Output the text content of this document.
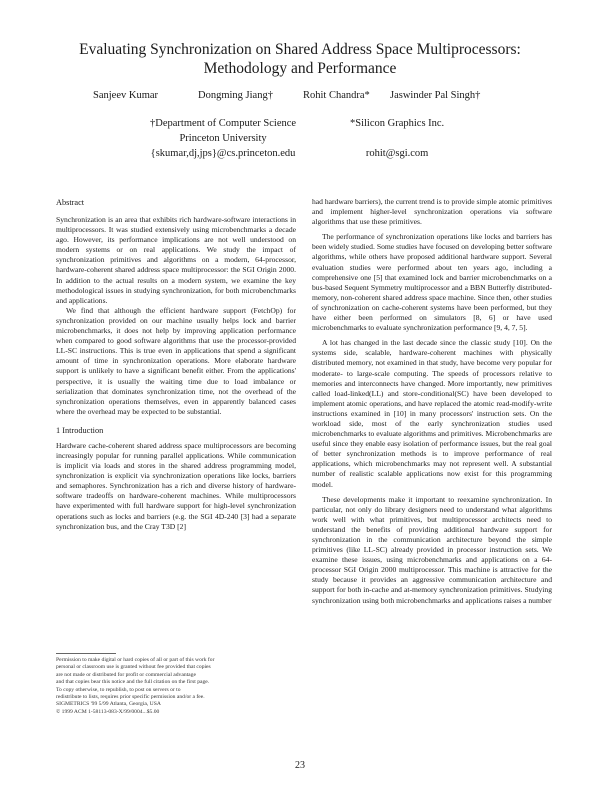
Evaluating Synchronization on Shared Address Space Multiprocessors:
Methodology and Performance
Sanjeev Kumar	Dongming Jiang†	Rohit Chandra* Jaswinder Pal Singh†
†Department of Computer Science
Princeton University
{skumar,dj,jps}@cs.princeton.edu
*Silicon Graphics Inc.
rohit@sgi.com
Abstract

Synchronization is an area that exhibits rich hardware-software interactions in multiprocessors. It was studied extensively using microbenchmarks a decade ago. However, its performance implications are not well understood on modern systems or on real applications. We study the impact of synchronization primitives and algorithms on a modern, 64-processor, hardware-coherent shared address space multiprocessor: the SGI Origin 2000. In addition to the actual results on a modern system, we examine the key methodological issues in studying synchronization, for both microbenchmarks and applications.

We find that although the efficient hardware support (FetchOp) for synchronization provided on our machine usually helps lock and barrier microbenchmarks, it does not help by improving application performance when compared to good software algorithms that use the processor-provided LL-SC instructions. This is true even in applications that spend a significant amount of time in synchronization operations. More elaborate hardware support is unlikely to have a significant benefit either. From the applications' perspective, it is usually the waiting time due to load imbalance or serialization that dominates synchronization time, not the overhead of the synchronization operations themselves, even in apparently balanced cases where the overhead may be expected to be substantial.

1 Introduction

Hardware cache-coherent shared address space multiprocessors are becoming increasingly popular for running parallel applications. While communication is implicit via loads and stores in the shared address programming model, synchronization is explicit via synchronization operations like locks, barriers and semaphores. Synchronization has a rich and diverse history of hardware-software tradeoffs on hardware-coherent machines. While multiprocessors have experimented with full hardware support for high-level synchronization operations such as locks and barriers (e.g. the SGI 4D-240 [3] had a separate synchronization bus, and the Cray T3D [2]

Permission to make digital or hard copies of all or part of this work for
personal or classroom use is granted without fee provided that copies
are not made or distributed for profit or commercial advantage
and that copies bear this notice and the full citation on the first page.
To copy otherwise, to republish, to post on servers or to
redistribute to lists, requires prior specific permission and/or a fee.
SIGMETRICS '99 5/99 Atlanta, Georgia, USA
© 1999 ACM 1-58113-083-X/99/0004...$5.00

had hardware barriers), the current trend is to provide simple atomic primitives and implement higher-level synchronization operations via software algorithms that use these primitives.

The performance of synchronization operations like locks and barriers has been widely studied. Some studies have focused on developing better software algorithms, while others have proposed additional hardware support. Several evaluation studies were performed about ten years ago, including a comprehensive one [5] that examined lock and barrier microbenchmarks on a bus-based Sequent Symmetry multiprocessor and a BBN Butterfly distributed-memory, non-coherent shared address space machine. Since then, other studies of synchronization on cache-coherent systems have been performed, but they have either been performed on simulators [8, 6] or have used microbenchmarks to evaluate synchronization performance [9, 4, 7, 5].

A lot has changed in the last decade since the classic study [10]. On the systems side, scalable, hardware-coherent machines with physically distributed memory, not examined in that study, have become very popular for moderate- to large-scale computing. The speeds of processors relative to memories and interconnects have changed. More importantly, new primitives called load-linked(LL) and store-conditional(SC) have been developed to implement atomic operations, and have replaced the atomic read-modify-write instructions examined in [10] in many processors' instruction sets. On the workload side, most of the early synchronization studies used microbenchmarks to evaluate algorithms and primitives. Microbenchmarks are useful since they enable easy isolation of performance issues, but the real goal of better synchronization methods is to improve performance of real applications, which microbenchmarks may not represent well. A substantial number of realistic scalable applications now exist for this programming model.

These developments make it important to reexamine synchronization. In particular, not only do library designers need to understand what algorithms work well with what primitives, but multiprocessor architects need to understand the benefits of providing additional hardware support for synchronization in the communication architecture beyond the simple primitives (like LL-SC) already provided in processor instruction sets. We examine these issues, using microbenchmarks and applications on a 64-processor SGI Origin 2000 multiprocessor. This machine is attractive for the study because it provides an aggressive communication architecture and support for both in-cache and at-memory synchronization primitives. Studying synchronization using both microbenchmarks and applications raises a number

23
